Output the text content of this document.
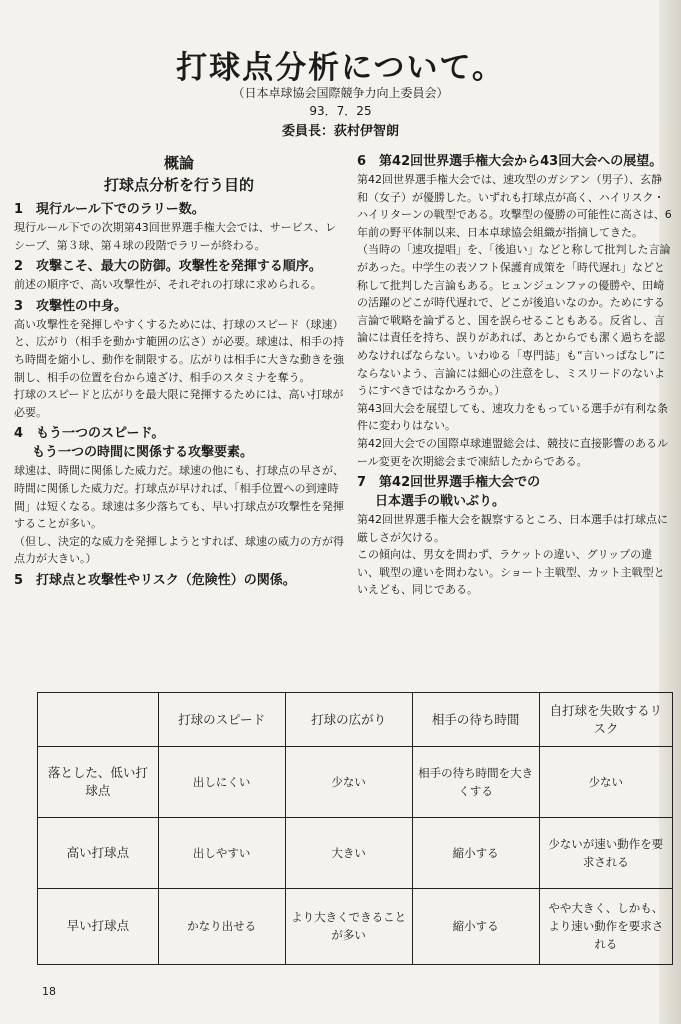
打球点分析について。
（日本卓球協会国際競争力向上委員会）
93．7．25
委員長：荻村伊智朗

概論

打球点分析を行う目的

1　現行ルール下でのラリー数。

現行ルール下での次期第43回世界選手権大会では、サービス、レシーブ、第３球、第４球の段階でラリーが終わる。

2　攻撃こそ、最大の防御。攻撃性を発揮する順序。

前述の順序で、高い攻撃性が、それぞれの打球に求められる。

3　攻撃性の中身。

高い攻撃性を発揮しやすくするためには、打球のスピード（球速）と、広がり（相手を動かす範囲の広さ）が必要。球速は、相手の持ち時間を縮小し、動作を制限する。広がりは相手に大きな動きを強制し、相手の位置を台から遠ざけ、相手のスタミナを奪う。

打球のスピードと広がりを最大限に発揮するためには、高い打球が必要。

4　もう一つのスピード。

もう一つの時間に関係する攻撃要素。

球速は、時間に関係した威力だ。球速の他にも、打球点の早さが、時間に関係した威力だ。打球点が早ければ、「相手位置への到達時間」は短くなる。球速は多少落ちても、早い打球点が攻撃性を発揮することが多い。

（但し、決定的な威力を発揮しようとすれば、球速の威力の方が得点力が大きい。）

5　打球点と攻撃性やリスク（危険性）の関係。

6　第42回世界選手権大会から43回大会への展望。

第42回世界選手権大会では、速攻型のガシアン（男子）、玄静和（女子）が優勝した。いずれも打球点が高く、ハイリスク・ハイリターンの戦型である。攻撃型の優勝の可能性に高さは、6年前の野平体制以来、日本卓球協会組織が指摘してきた。

（当時の「速攻提唱」を、「後追い」などと称して批判した言論があった。中学生の表ソフト保護育成策を「時代遅れ」などと称して批判した言論もある。ヒュンジュンファの優勝や、田崎の活躍のどこが時代遅れで、どこが後追いなのか。ためにする言論で戦略を論ずると、国を誤らせることもある。反省し、言論には責任を持ち、誤りがあれば、あとからでも潔く過ちを認めなければならない。いわゆる「専門誌」も“言いっぱなし”にならないよう、言論には細心の注意をし、ミスリードのないようにすべきではなかろうか。）

第43回大会を展望しても、速攻力をもっている選手が有利な条件に変わりはない。

第42回大会での国際卓球連盟総会は、競技に直接影響のあるルール変更を次期総会まで凍結したからである。

7　第42回世界選手権大会での

日本選手の戦いぶり。

第42回世界選手権大会を観察するところ、日本選手は打球点に厳しさが欠ける。

この傾向は、男女を問わず、ラケットの違い、グリップの違い、戦型の違いを問わない。ショート主戦型、カット主戦型といえども、同じである。

	打球のスピード	打球の広がり	相手の待ち時間	自打球を失敗するリスク
落とした、低い打球点	出しにくい	少ない	相手の待ち時間を大きくする	少ない
高い打球点	出しやすい	大きい	縮小する	少ないが速い動作を要求される
早い打球点	かなり出せる	より大きくできることが多い	縮小する	やや大きく、しかも、より速い動作を要求される
18
